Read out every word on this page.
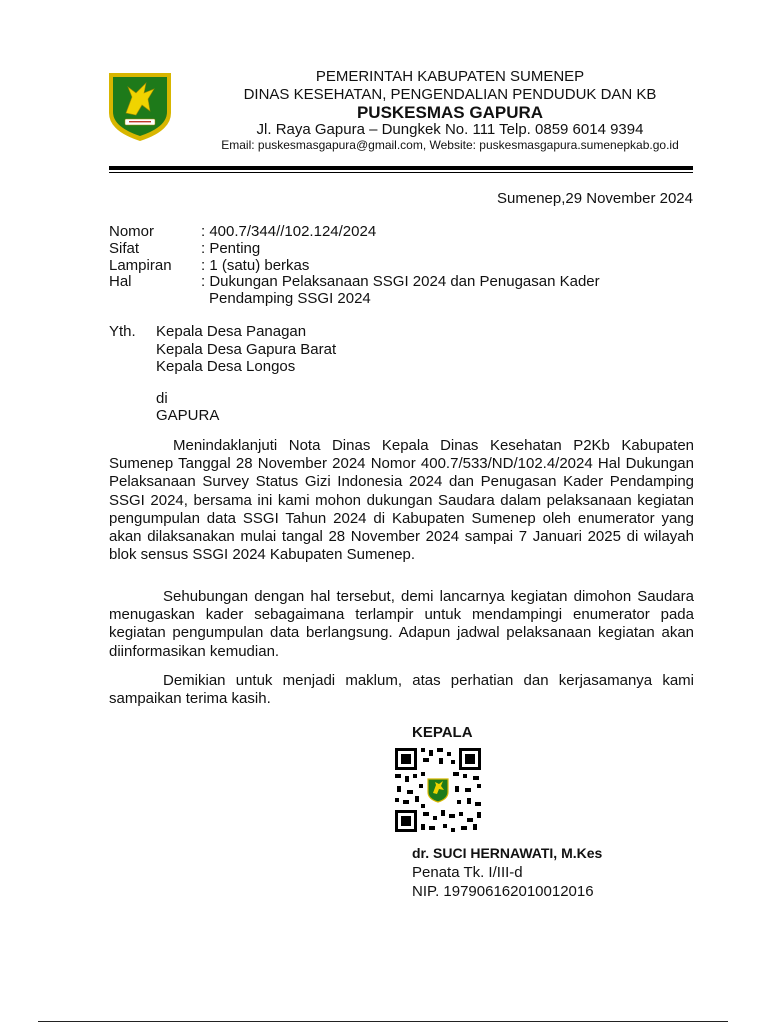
PEMERINTAH KABUPATEN SUMENEP
DINAS KESEHATAN, PENGENDALIAN PENDUDUK DAN KB
PUSKESMAS GAPURA
Jl. Raya Gapura – Dungkek No. 111 Telp. 0859 6014 9394
Email: puskesmasgapura@gmail.com, Website: puskesmasgapura.sumenepkab.go.id
Sumenep,29 November 2024
Nomor	: 400.7/344//102.124/2024
Sifat	: Penting
Lampiran : 1 (satu) berkas
Hal	: Dukungan Pelaksanaan SSGI 2024 dan Penugasan Kader
Pendamping SSGI 2024
Yth. Kepala Desa Panagan
Kepala Desa Gapura Barat
Kepala Desa Longos
di
GAPURA
Menindaklanjuti Nota Dinas Kepala Dinas Kesehatan P2Kb Kabupaten Sumenep Tanggal 28 November 2024 Nomor 400.7/533/ND/102.4/2024 Hal Dukungan Pelaksanaan Survey Status Gizi Indonesia 2024 dan Penugasan Kader Pendamping SSGI 2024, bersama ini kami mohon dukungan Saudara dalam pelaksanaan kegiatan pengumpulan data SSGI Tahun 2024 di Kabupaten Sumenep oleh enumerator yang akan dilaksanakan mulai tangal 28 November 2024 sampai 7 Januari 2025 di wilayah blok sensus SSGI 2024 Kabupaten Sumenep.
Sehubungan dengan hal tersebut, demi lancarnya kegiatan dimohon Saudara menugaskan kader sebagaimana terlampir untuk mendampingi enumerator pada kegiatan pengumpulan data berlangsung. Adapun jadwal pelaksanaan kegiatan akan diinformasikan kemudian.
Demikian untuk menjadi maklum, atas perhatian dan kerjasamanya kami sampaikan terima kasih.
KEPALA
dr. SUCI HERNAWATI, M.Kes
Penata Tk. I/III-d
NIP. 197906162010012016
